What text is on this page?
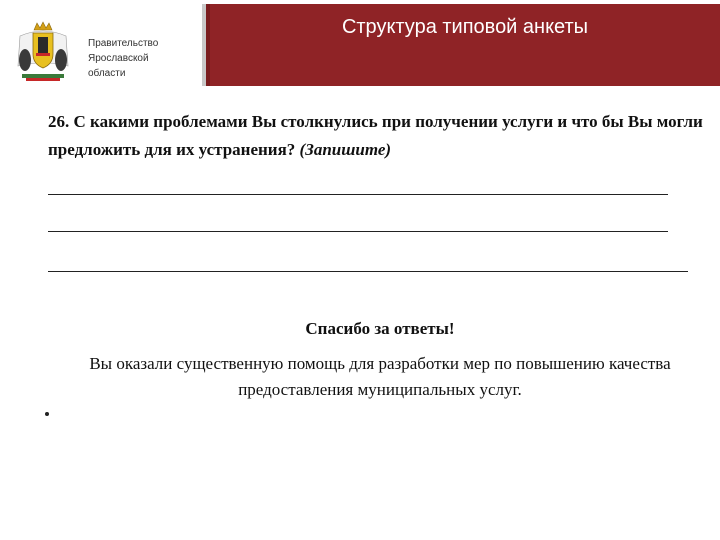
Правительство
Ярославской
области
Структура типовой анкеты
26. С какими проблемами Вы столкнулись при получении услуги и что бы Вы могли предложить для их устранения? (Запишите)
Спасибо за ответы!
Вы оказали существенную помощь для разработки мер по повышению качества предоставления муниципальных услуг.
